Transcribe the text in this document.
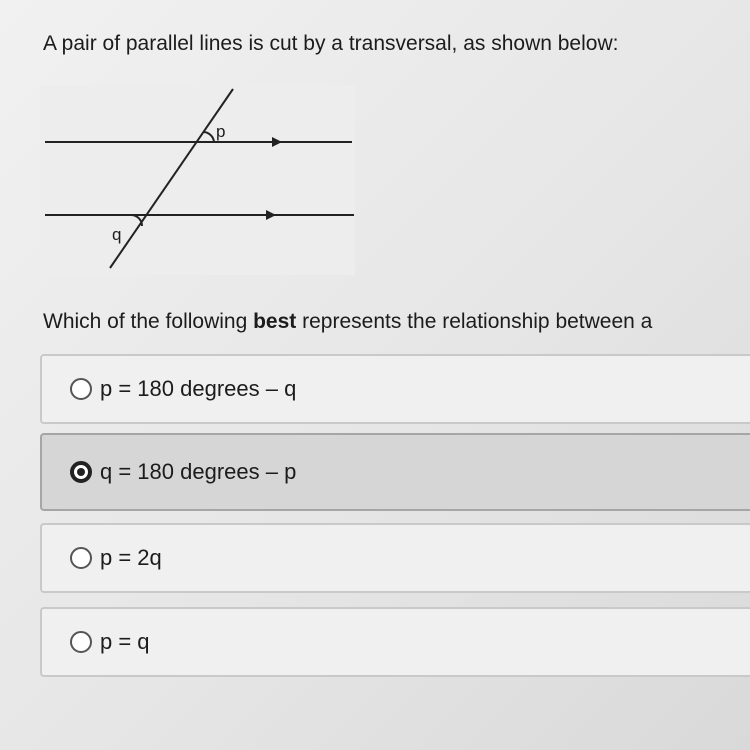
A pair of parallel lines is cut by a transversal, as shown below:
p
q

Which of the following best represents the relationship between a

p = 180 degrees – q
q = 180 degrees – p
p = 2q
p = q
